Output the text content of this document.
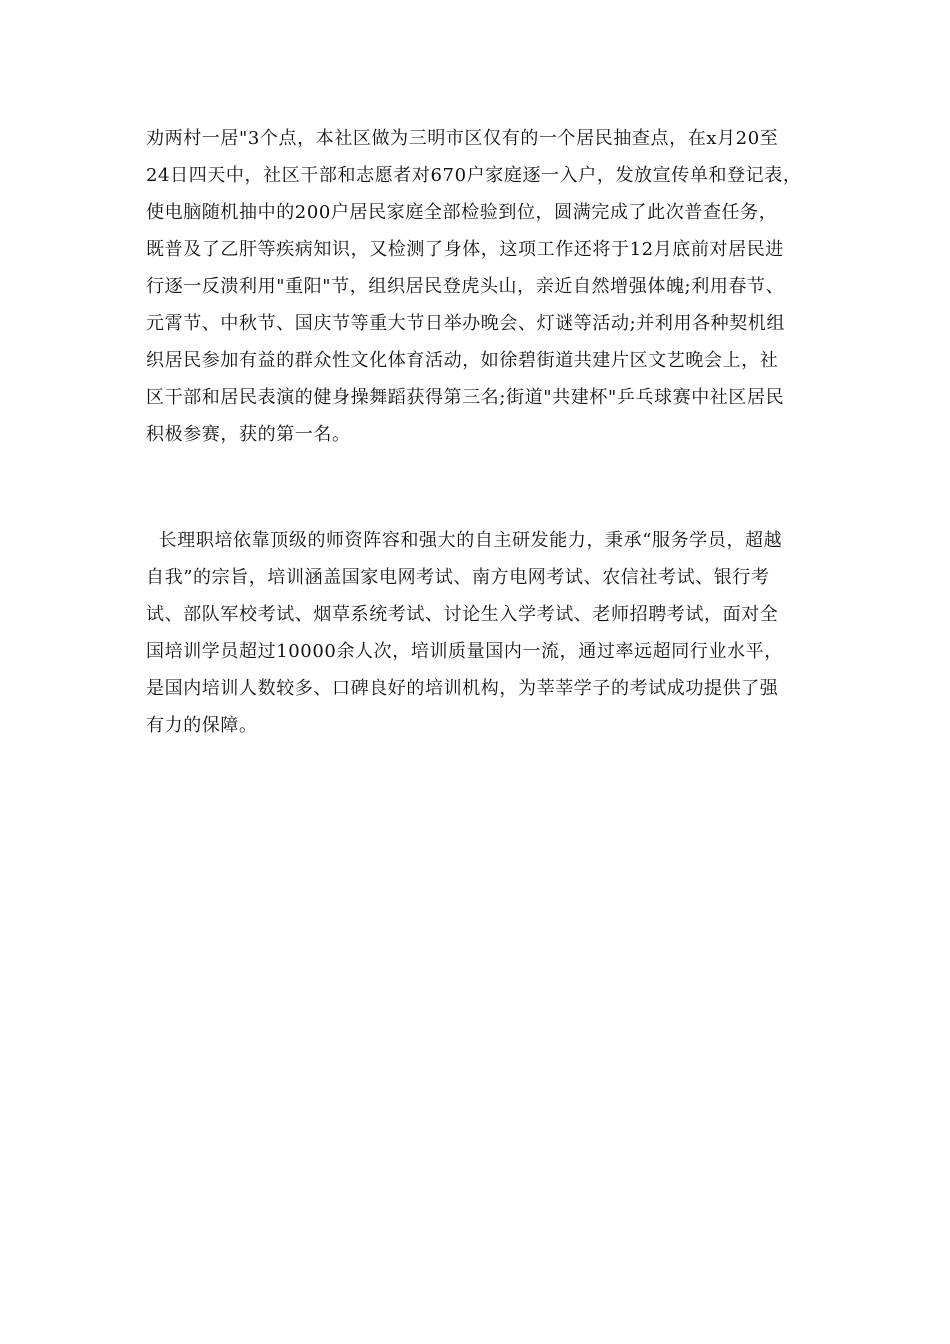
劝两村一居"3个点，本社区做为三明市区仅有的一个居民抽查点，在x月20至
24日四天中，社区干部和志愿者对670户家庭逐一入户，发放宣传单和登记表，
使电脑随机抽中的200户居民家庭全部检验到位，圆满完成了此次普查任务，
既普及了乙肝等疾病知识，又检测了身体，这项工作还将于12月底前对居民进
行逐一反溃利用"重阳"节，组织居民登虎头山，亲近自然增强体魄;利用春节、
元霄节、中秋节、国庆节等重大节日举办晚会、灯谜等活动;并利用各种契机组
织居民参加有益的群众性文化体育活动，如徐碧街道共建片区文艺晚会上，社
区干部和居民表演的健身操舞蹈获得第三名;街道"共建杯"乒乓球赛中社区居民
积极参赛，获的第一名。
长理职培依靠顶级的师资阵容和强大的自主研发能力，秉承“服务学员，超越
自我”的宗旨，培训涵盖国家电网考试、南方电网考试、农信社考试、银行考
试、部队军校考试、烟草系统考试、讨论生入学考试、老师招聘考试，面对全
国培训学员超过10000余人次，培训质量国内一流，通过率远超同行业水平，
是国内培训人数较多、口碑良好的培训机构，为莘莘学子的考试成功提供了强
有力的保障。
